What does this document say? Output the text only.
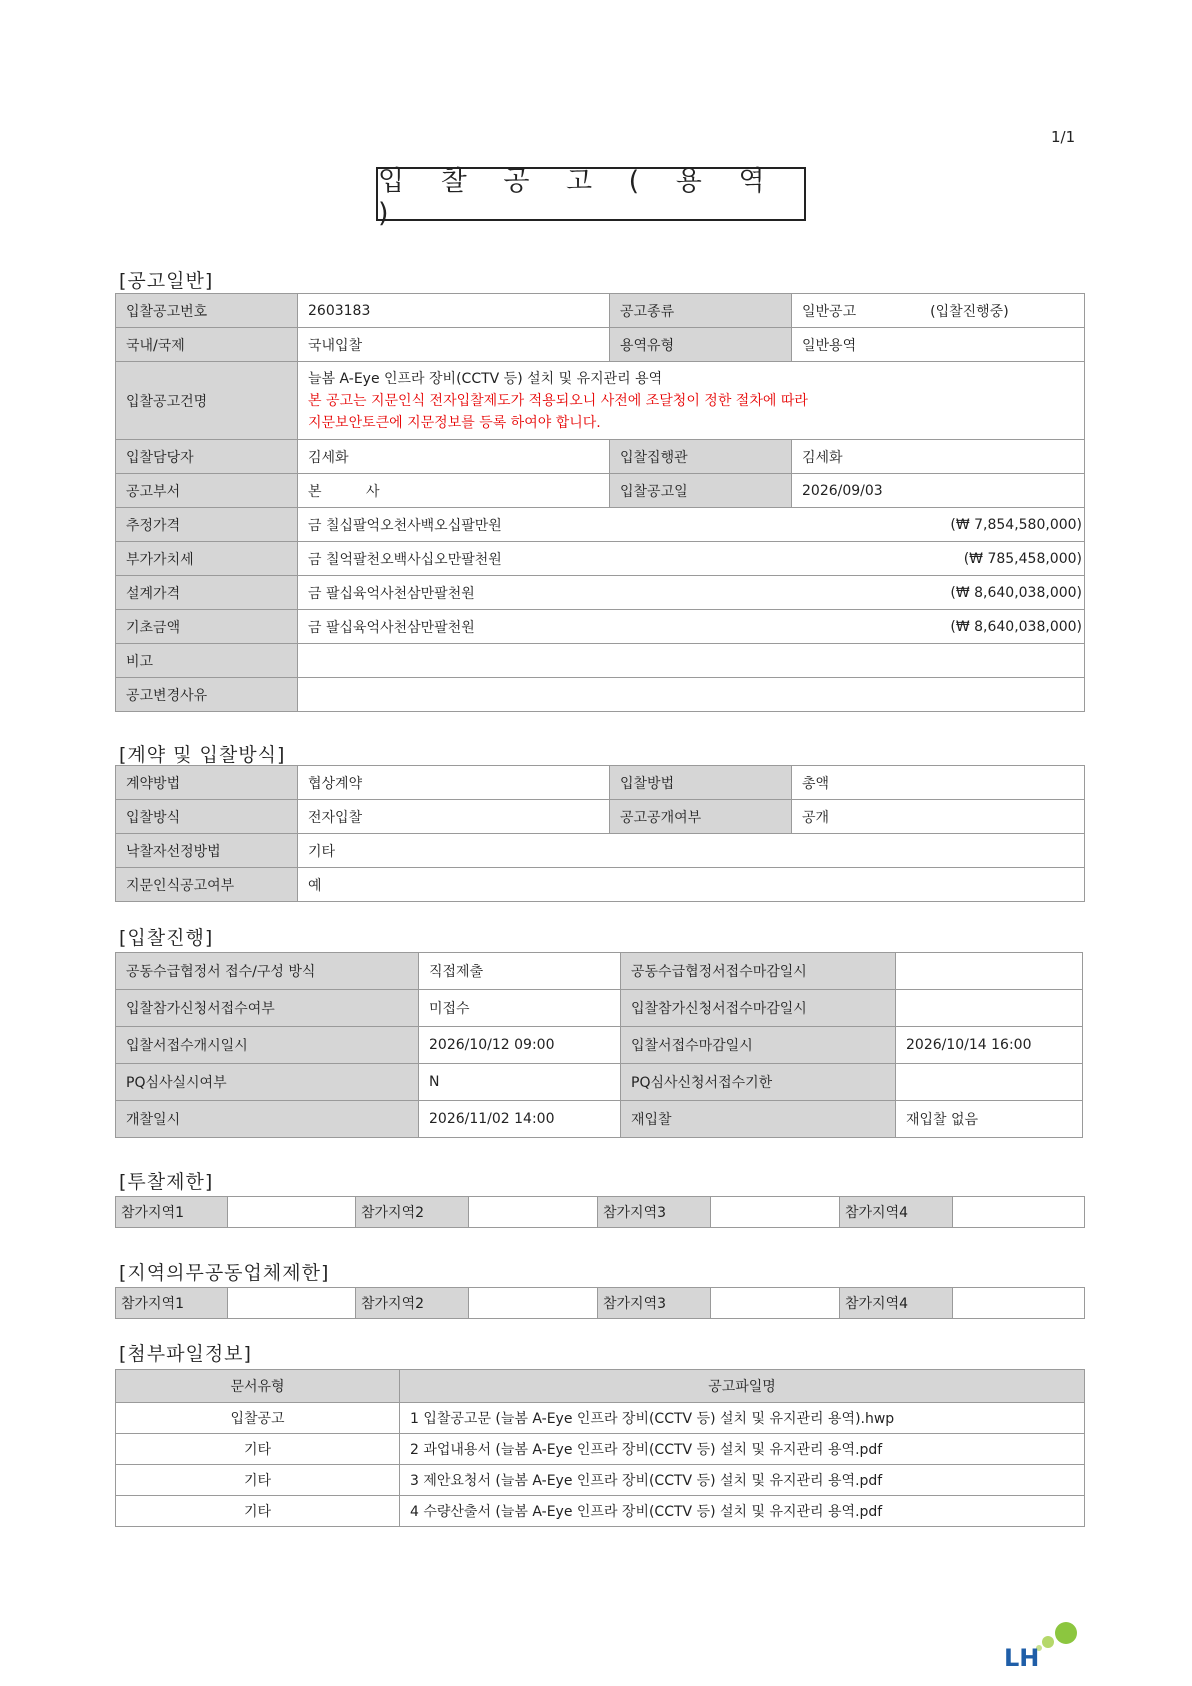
1/1
입 찰 공 고 ( 용 역 )
[공고일반]
입찰공고번호	2603183	공고종류	일반공고 (입찰진행중)
국내/국제	국내입찰	용역유형	일반용역
입찰공고건명	늘봄 A-Eye 인프라 장비(CCTV 등) 설치 및 유지관리 용역
본 공고는 지문인식 전자입찰제도가 적용되오니 사전에 조달청이 정한 절차에 따라
지문보안토큰에 지문정보를 등록 하여야 합니다.		

입찰담당자	김세화	입찰집행관	김세화
공고부서	본          사	입찰공고일	2026/09/03
추정가격	금 칠십팔억오천사백오십팔만원 (₩ 7,854,580,000)		

부가가치세	금 칠억팔천오백사십오만팔천원 (₩ 785,458,000)		

설계가격	금 팔십육억사천삼만팔천원 (₩ 8,640,038,000)		

기초금액	금 팔십육억사천삼만팔천원 (₩ 8,640,038,000)		

비고			
공고변경사유			
[계약 및 입찰방식]
계약방법	협상계약	입찰방법	총액
입찰방식	전자입찰	공고공개여부	공개
낙찰자선정방법	기타		
지문인식공고여부	예		
[입찰진행]
공동수급협정서 접수/구성 방식	직접제출	공동수급협정서접수마감일시	
입찰참가신청서접수여부	미접수	입찰참가신청서접수마감일시	
입찰서접수개시일시	2026/10/12 09:00	입찰서접수마감일시	2026/10/14 16:00
PQ심사실시여부	N	PQ심사신청서접수기한	
개찰일시	2026/11/02 14:00	재입찰	재입찰 없음
[투찰제한]
참가지역1		참가지역2		참가지역3		참가지역4	
[지역의무공동업체제한]
참가지역1		참가지역2		참가지역3		참가지역4	
[첨부파일정보]
문서유형	공고파일명
입찰공고	1 입찰공고문 (늘봄 A-Eye 인프라 장비(CCTV 등) 설치 및 유지관리 용역).hwp
기타	2 과업내용서 (늘봄 A-Eye 인프라 장비(CCTV 등) 설치 및 유지관리 용역.pdf
기타	3 제안요청서 (늘봄 A-Eye 인프라 장비(CCTV 등) 설치 및 유지관리 용역.pdf
기타	4 수량산출서 (늘봄 A-Eye 인프라 장비(CCTV 등) 설치 및 유지관리 용역.pdf
LH
